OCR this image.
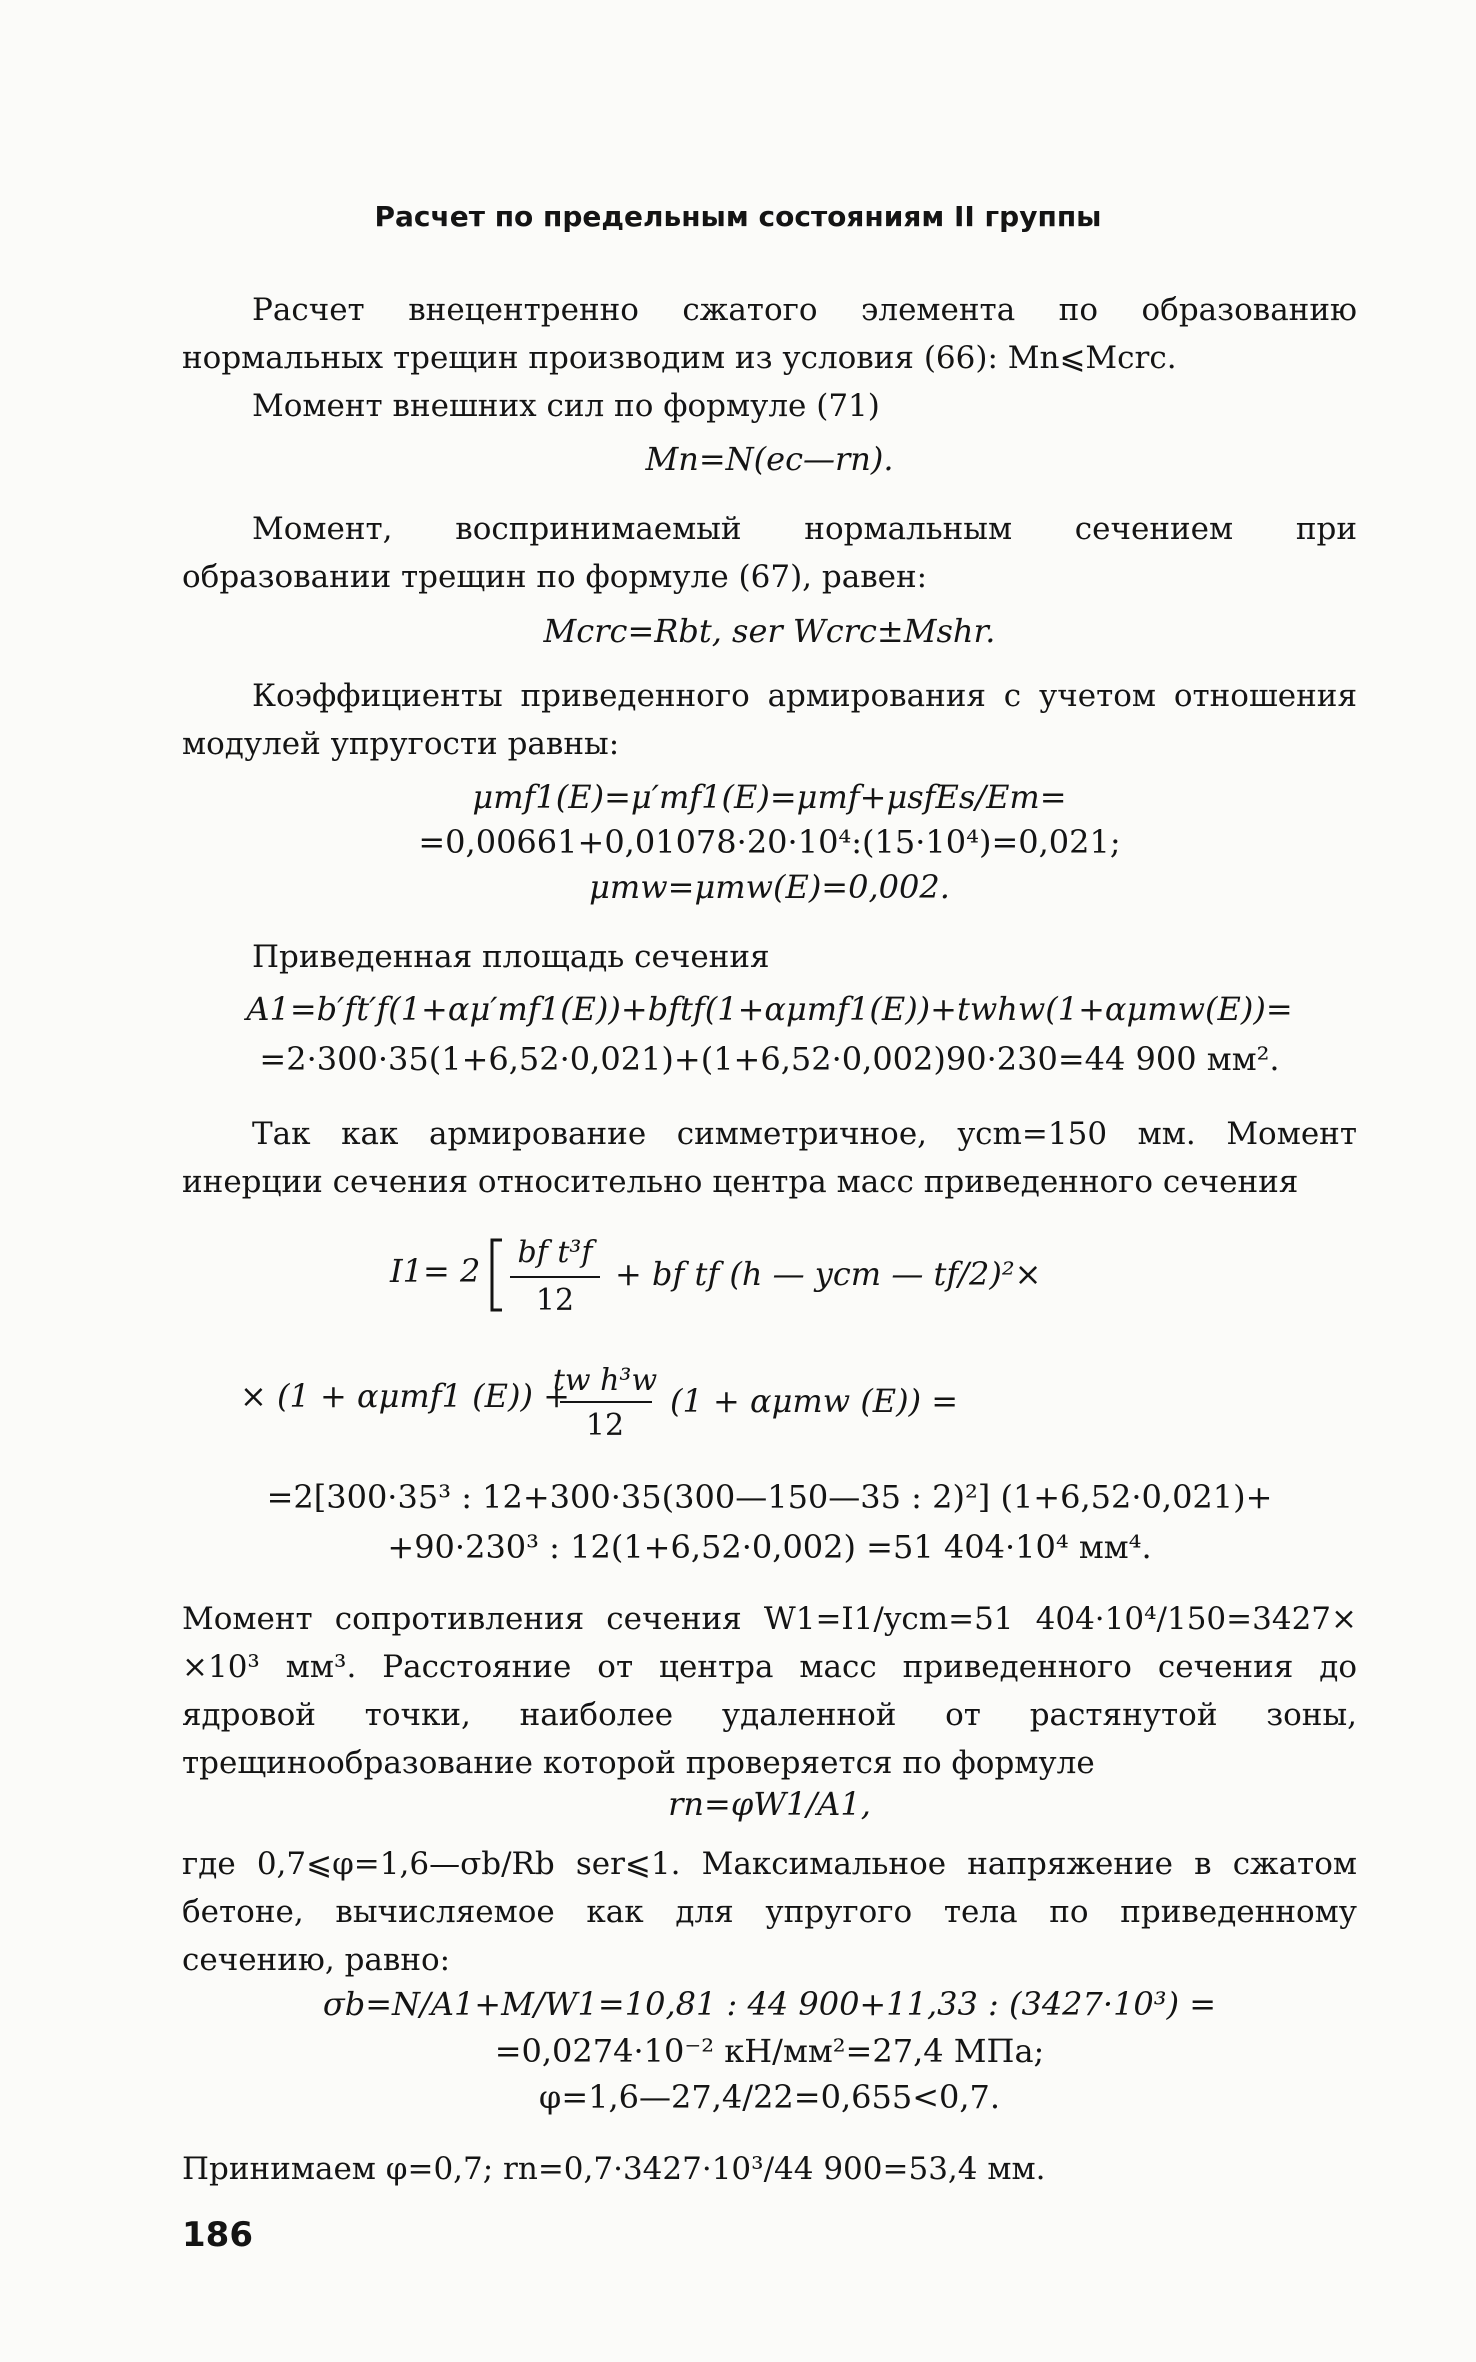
Расчет по предельным состояниям II группы
Расчет внецентренно сжатого элемента по образованию нормальных трещин производим из условия (66): Mn⩽Mcrc.
Момент внешних сил по формуле (71)
Mn=N(ec—rn).
Момент, воспринимаемый нормальным сечением при образовании трещин по формуле (67), равен:
Mcrc=Rbt, ser Wcrc±Mshr.
Коэффициенты приведенного армирования с учетом отношения модулей упругости равны:
μmf1(E)=μ′mf1(E)=μmf+μsfEs/Em=
=0,00661+0,01078·20·10⁴:(15·10⁴)=0,021;
μmw=μmw(E)=0,002.
Приведенная площадь сечения
A1=b′ft′f(1+αμ′mf1(E))+bftf(1+αμmf1(E))+twhw(1+αμmw(E))=
=2·300·35(1+6,52·0,021)+(1+6,52·0,002)90·230=44 900 мм².
Так как армирование симметричное, ycm=150 мм. Момент инерции сечения относительно центра масс приведенного сечения
I1= 2 bf t³f
12
+ bf tf (h — ycm — tf/2)²×
× (1 + αμmf1 (E)) +
tw h³w
12
(1 + αμmw (E)) =
=2[300·35³ : 12+300·35(300—150—35 : 2)²] (1+6,52·0,021)+
+90·230³ : 12(1+6,52·0,002) =51 404·10⁴ мм⁴.
Момент сопротивления сечения W1=I1/ycm=51 404·10⁴/150=3427× ×10³ мм³. Расстояние от центра масс приведенного сечения до ядровой точки, наиболее удаленной от растянутой зоны, трещинообразование которой проверяется по формуле
rn=φW1/A1,
где 0,7⩽φ=1,6—σb/Rb ser⩽1. Максимальное напряжение в сжатом бетоне, вычисляемое как для упругого тела по приведенному сечению, равно:
σb=N/A1+M/W1=10,81 : 44 900+11,33 : (3427·10³) =
=0,0274·10⁻² кН/мм²=27,4 МПа;
φ=1,6—27,4/22=0,655<0,7.
Принимаем φ=0,7; rn=0,7·3427·10³/44 900=53,4 мм.
186
